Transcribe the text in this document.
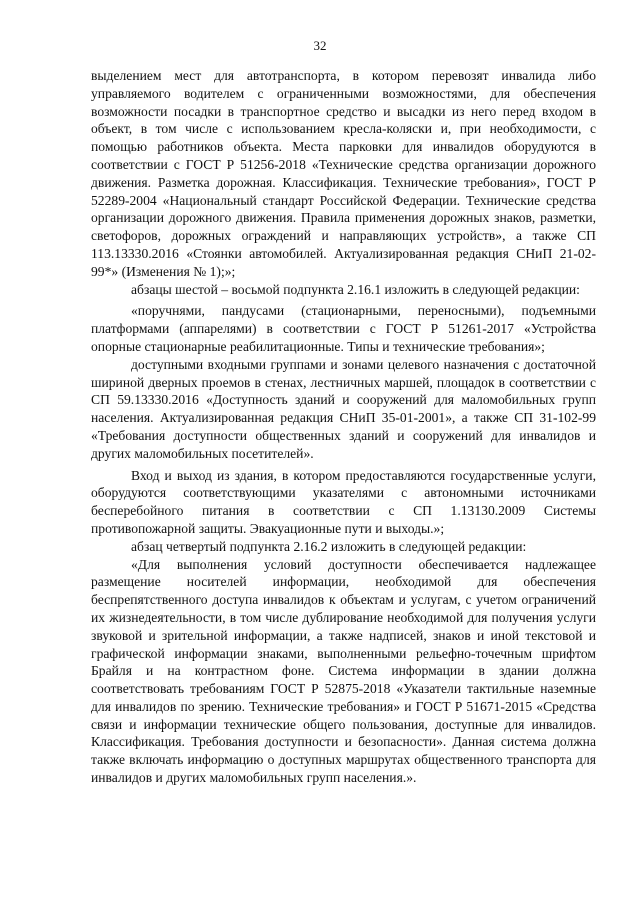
32

выделением мест для автотранспорта, в котором перевозят инвалида либо управляемого водителем с ограниченными возможностями, для обеспечения возможности посадки в транспортное средство и высадки из него перед входом в объект, в том числе с использованием кресла-коляски и, при необходимости, с помощью работников объекта. Места парковки для инвалидов оборудуются в соответствии с ГОСТ Р 51256-2018 «Технические средства организации дорожного движения. Разметка дорожная. Классификация. Технические требования», ГОСТ Р 52289-2004 «Национальный стандарт Российской Федерации. Технические средства организации дорожного движения. Правила применения дорожных знаков, разметки, светофоров, дорожных ограждений и направляющих устройств», а также СП 113.13330.2016 «Стоянки автомобилей. Актуализированная редакция СНиП 21-02-99*» (Изменения № 1);»;

абзацы шестой – восьмой подпункта 2.16.1 изложить в следующей редакции:

«поручнями, пандусами (стационарными, переносными), подъемными платформами (аппарелями) в соответствии с ГОСТ Р 51261-2017 «Устройства опорные стационарные реабилитационные. Типы и технические требования»;

доступными входными группами и зонами целевого назначения с достаточной шириной дверных проемов в стенах, лестничных маршей, площадок в соответствии с СП 59.13330.2016 «Доступность зданий и сооружений для маломобильных групп населения. Актуализированная редакция СНиП 35-01-2001», а также СП 31-102-99 «Требования доступности общественных зданий и сооружений для инвалидов и других маломобильных посетителей».

Вход и выход из здания, в котором предоставляются государственные услуги, оборудуются соответствующими указателями с автономными источниками бесперебойного питания в соответствии с СП 1.13130.2009 Системы противопожарной защиты. Эвакуационные пути и выходы.»;

абзац четвертый подпункта 2.16.2 изложить в следующей редакции:

«Для выполнения условий доступности обеспечивается надлежащее размещение носителей информации, необходимой для обеспечения беспрепятственного доступа инвалидов к объектам и услугам, с учетом ограничений их жизнедеятельности, в том числе дублирование необходимой для получения услуги звуковой и зрительной информации, а также надписей, знаков и иной текстовой и графической информации знаками, выполненными рельефно-точечным шрифтом Брайля и на контрастном фоне. Система информации в здании должна соответствовать требованиям ГОСТ Р 52875-2018 «Указатели тактильные наземные для инвалидов по зрению. Технические требования» и ГОСТ Р 51671-2015 «Средства связи и информации технические общего пользования, доступные для инвалидов. Классификация. Требования доступности и безопасности». Данная система должна также включать информацию о доступных маршрутах общественного транспорта для инвалидов и других маломобильных групп населения.».
